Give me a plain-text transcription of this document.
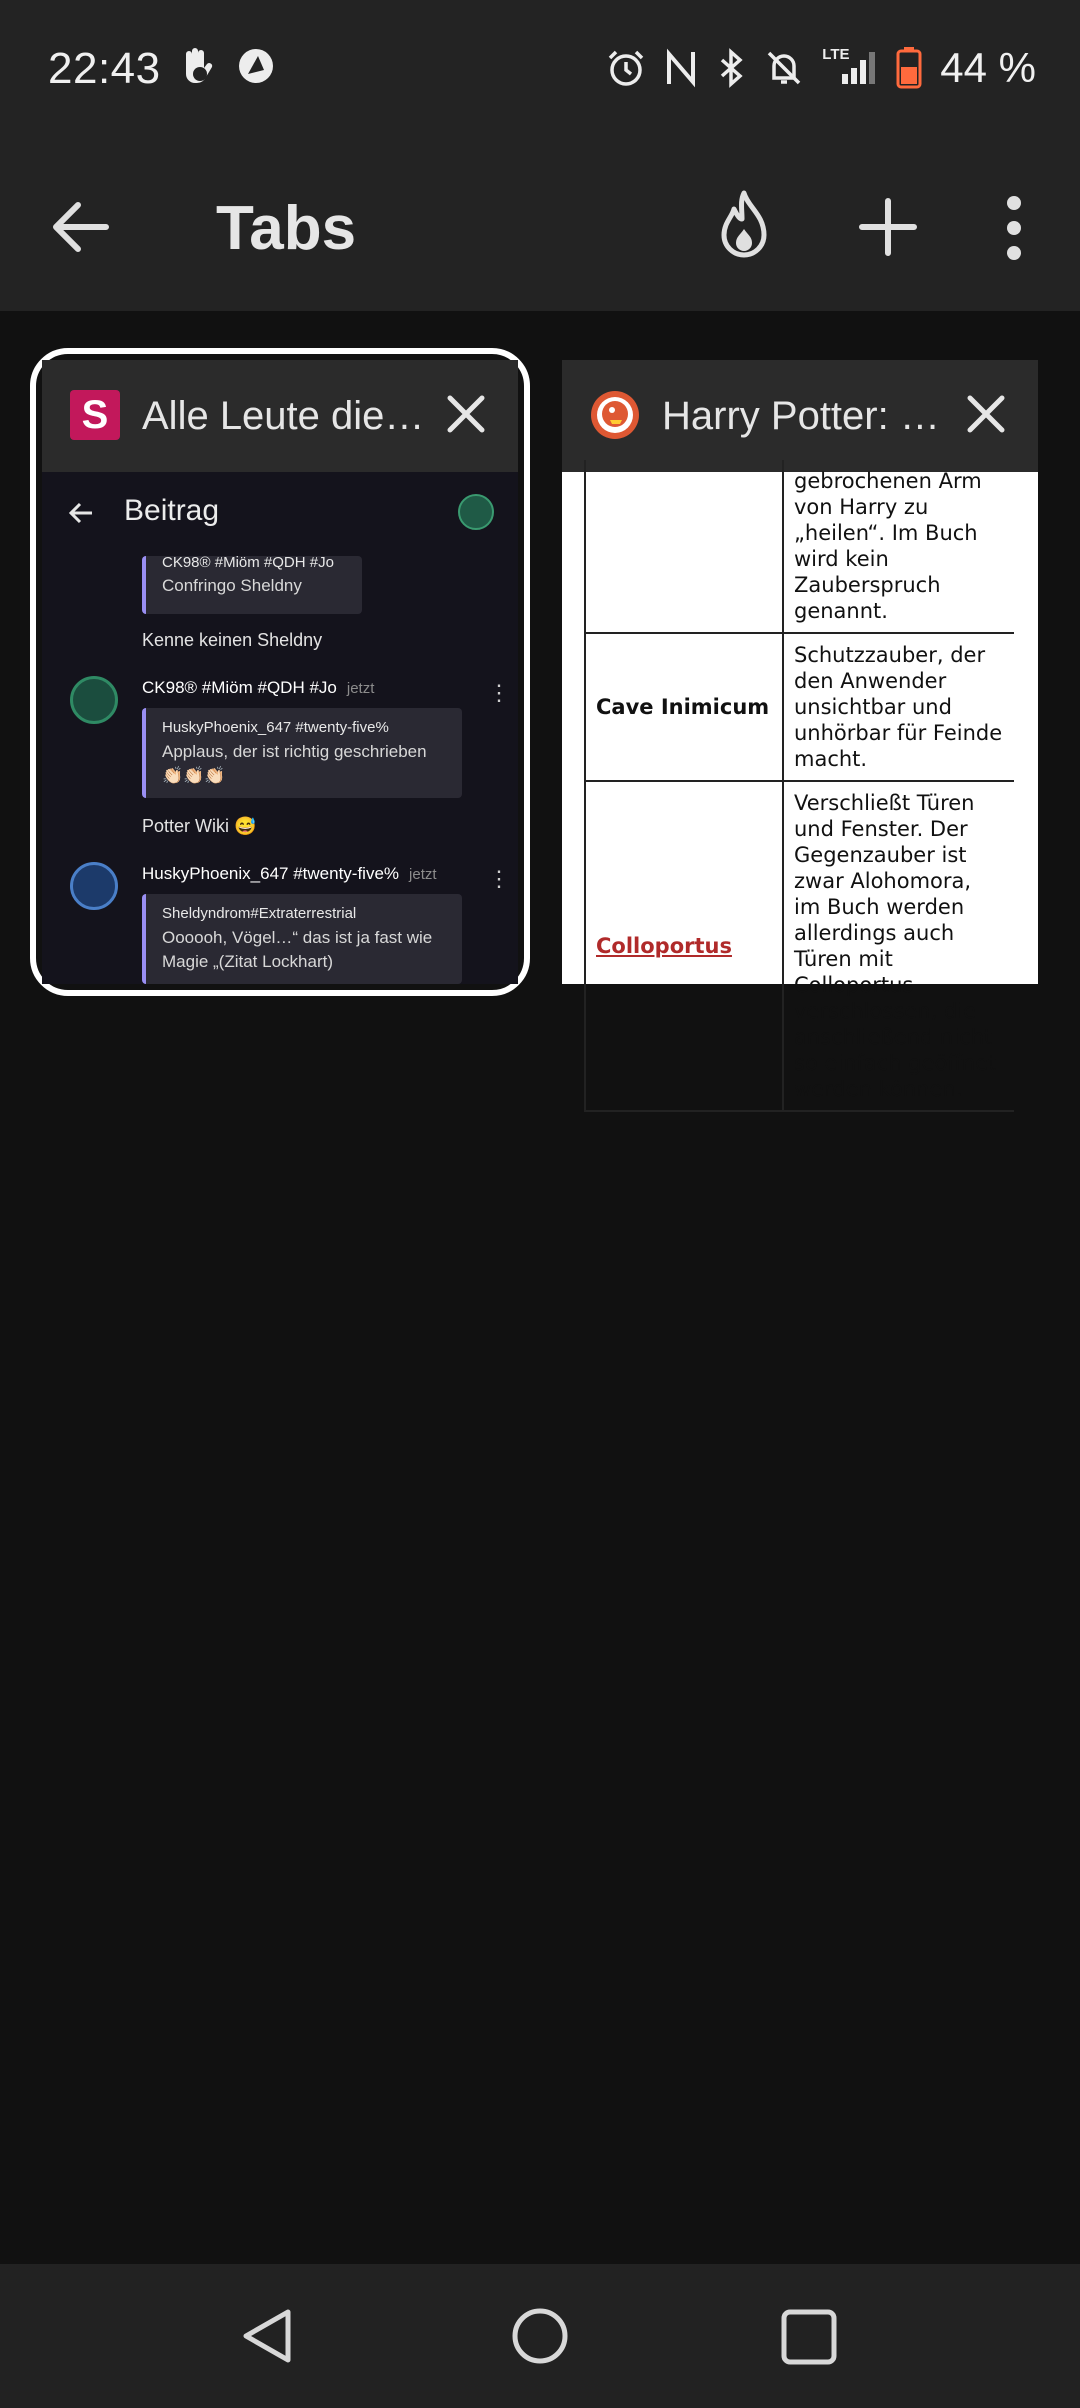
22:43	LTE 44 %
Tabs
S Alle Leute die…
Beitrag
CK98® #Miöm #QDH #Jo
Confringo Sheldny
Kenne keinen Sheldny
CK98® #Miöm #QDH #Jo jetzt	⋮
HuskyPhoenix_647 #twenty-five%
Applaus, der ist richtig geschrieben👏🏻👏🏻👏🏻
Potter Wiki 😅
HuskyPhoenix_647 #twenty-five% jetzt ⋮
Sheldyndrom#Extraterrestrial
Oooooh, Vögel…“ das ist ja fast wie Magie „(Zitat Lockhart)
Harry Potter: …
	gebrochenen Arm von Harry zu „heilen“. Im Buch wird kein Zauberspruch genannt.
Cave Inimicum	Schutzzauber, der den Anwender unsichtbar und unhörbar für Feinde macht.
Colloportus	Verschließt Türen und Fenster. Der Gegenzauber ist zwar Alohomora, im Buch werden allerdings auch Türen mit Colloportus verschlossen, die anschließend nicht so einfach geöffnet werden können.
